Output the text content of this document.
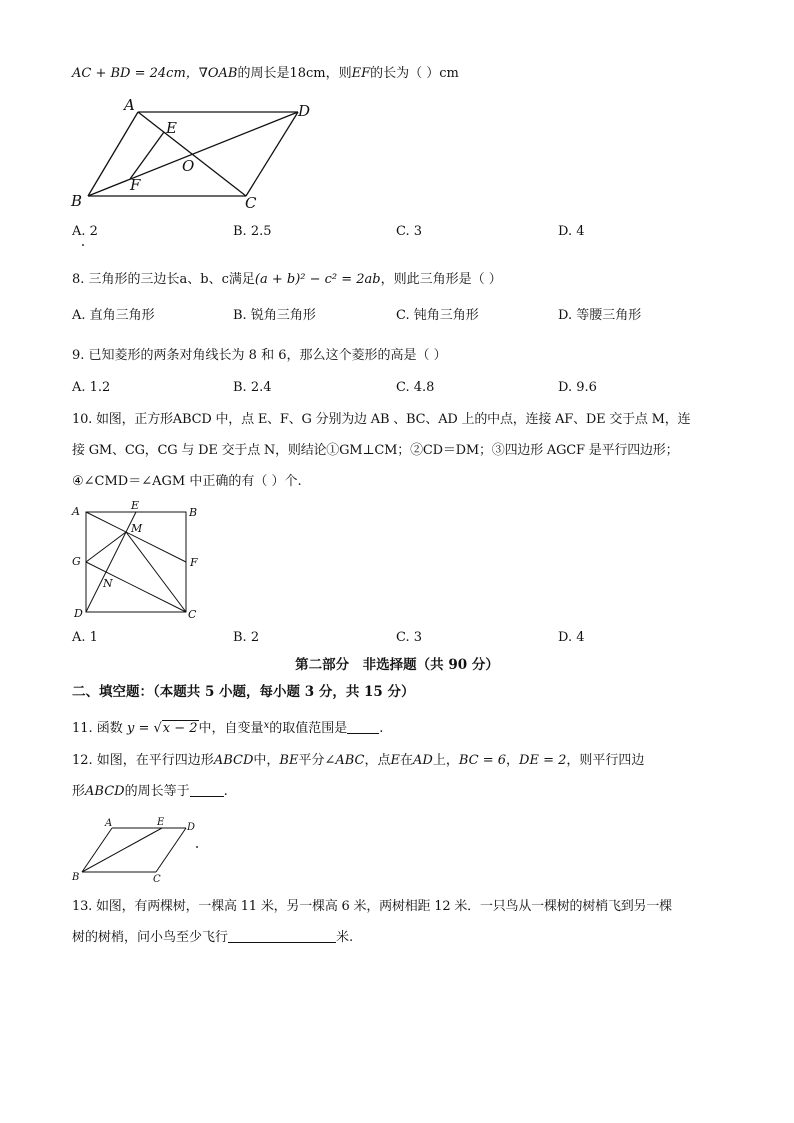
AC + BD = 24cm，∇OAB的周长是18cm，则EF的长为（ ）cm
A	D
B	C
E
F
O
A. 2	B. 2.5	C. 3	D. 4
8. 三角形的三边长a、b、c满足(a + b)² − c² = 2ab，则此三角形是（ ）
A. 直角三角形	B. 锐角三角形	C. 钝角三角形	D. 等腰三角形
9. 已知菱形的两条对角线长为 8 和 6，那么这个菱形的高是（ ）
A. 1.2	B. 2.4	C. 4.8	D. 9.6
10. 如图，正方形ABCD 中，点 E、F、G 分别为边 AB 、BC、AD 上的中点，连接 AF、DE 交于点 M，连
接 GM、CG，CG 与 DE 交于点 N，则结论①GM⊥CM；②CD＝DM；③四边形 AGCF 是平行四边形；
④∠CMD＝∠AGM 中正确的有（ ）个.
A	B
E
M
G	F
N
D	C
A. 1	B. 2	C. 3	D. 4
第二部分　非选择题（共 90 分）
二、填空题：（本题共 5 小题，每小题 3 分，共 15 分）
11. 函数 y = √x − 2中，自变量$^x$的取值范围是 .
12. 如图，在平行四边形ABCD中，BE平分∠ABC，点E在AD上，BC = 6，DE = 2，则平行四边
形ABCD的周长等于	.
A	E D
B	C
13. 如图，有两棵树，一棵高 11 米，另一棵高 6 米，两树相距 12 米．一只鸟从一棵树的树梢飞到另一棵
树的树梢，问小鸟至少飞行	米.
